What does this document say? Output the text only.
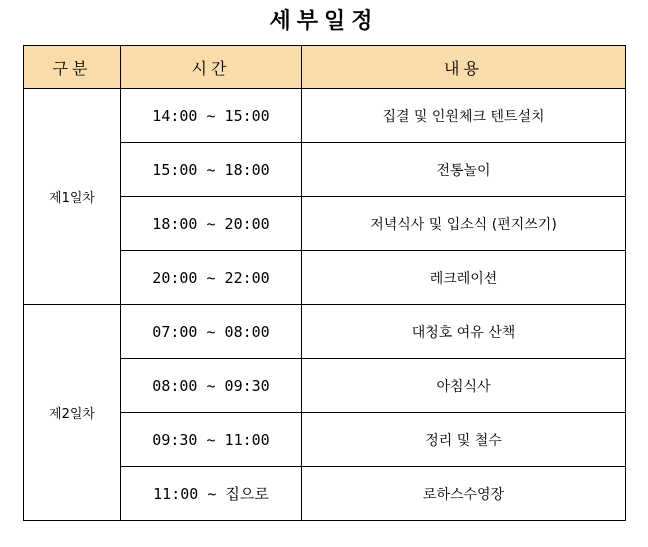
세부일정
구분	시간	내용
제1일차	14:00 ~ 15:00	집결 및 인원체크 텐트설치
	15:00 ~ 18:00	전통놀이
	18:00 ~ 20:00	저녁식사 및 입소식 (편지쓰기)
	20:00 ~ 22:00	레크레이션
제2일차	07:00 ~ 08:00	대청호 여유 산책
	08:00 ~ 09:30	아침식사
	09:30 ~ 11:00	정리 및 철수
	11:00 ~ 집으로	로하스수영장
